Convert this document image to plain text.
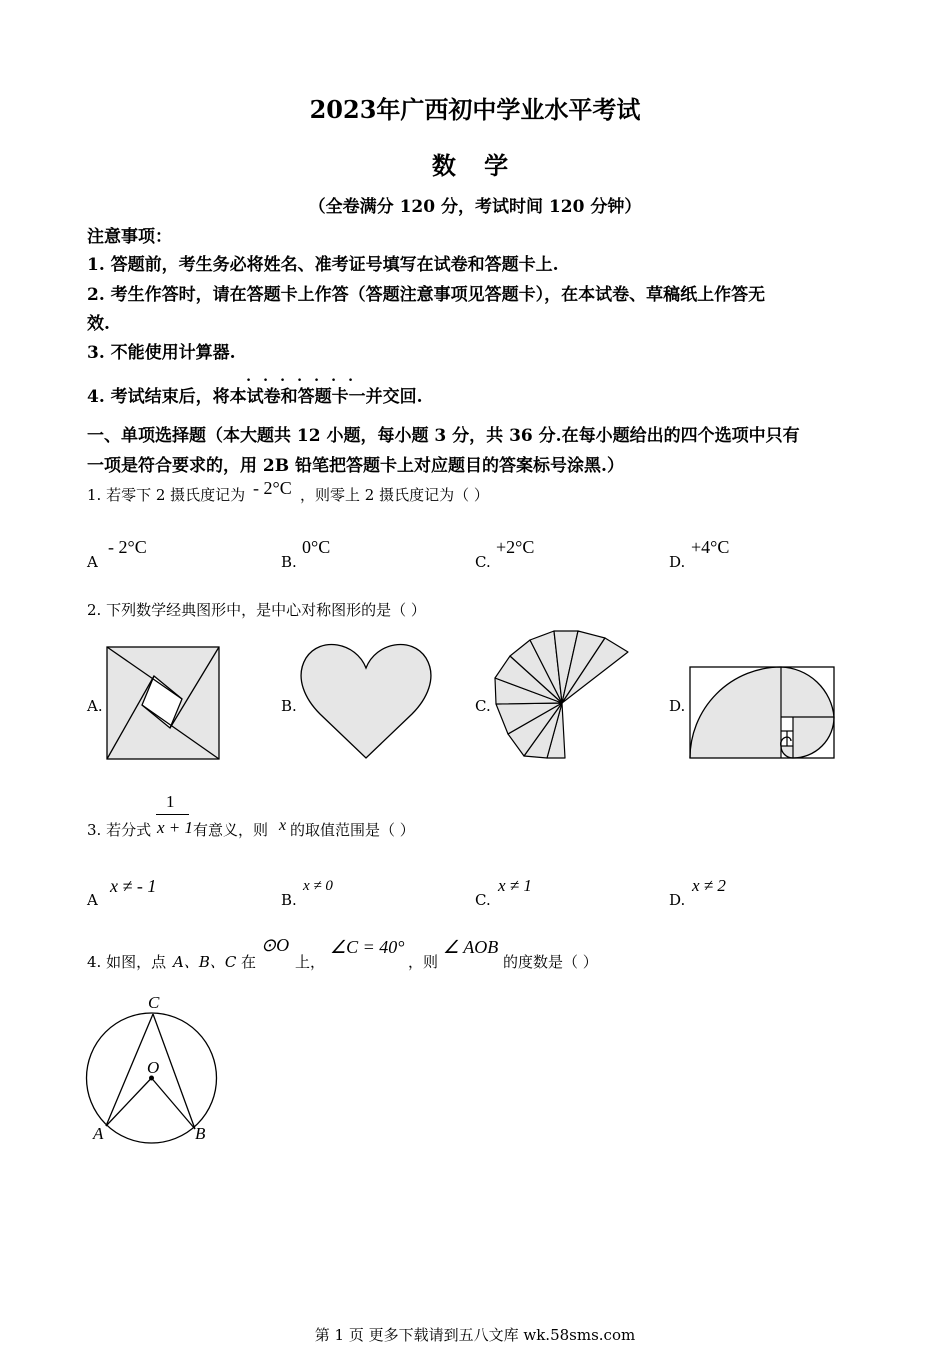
2023年广西初中学业水平考试
数 学
（全卷满分 120 分，考试时间 120 分钟）
注意事项：
1. 答题前，考生务必将姓名、准考证号填写在试卷和答题卡上.
2. 考生作答时，请在答题卡上作答（答题注意事项见答题卡），在本试卷、草稿纸上作答无
效.
3. 不能使用计算器.
. . . . . . .
4. 考试结束后，将本试卷和答题卡一并交回.
一、单项选择题（本大题共 12 小题，每小题 3 分，共 36 分.在每小题给出的四个选项中只有
一项是符合要求的，用 2B 铅笔把答题卡上对应题目的答案标号涂黑.）
1. 若零下 2 摄氏度记为 - 2°C ，则零上 2 摄氏度记为（ ）
A
- 2°C
B.
0°C
C.
+2°C
D.
+4°C
2. 下列数学经典图形中，是中心对称图形的是（ ）
A.	B.	C.	D.
3. 若分式
1
x + 1 有意义，则 x 的取值范围是（ ）
A
x ≠ - 1
B.
x ≠ 0
C.
x ≠ 1
D.
x ≠ 2
4. 如图，点 A、B、C 在
⊙O
上，
∠C = 40°
，则
∠ AOB
的度数是（ ）
C
O
A	B
第 1 页 更多下载请到五八文库 wk.58sms.com
